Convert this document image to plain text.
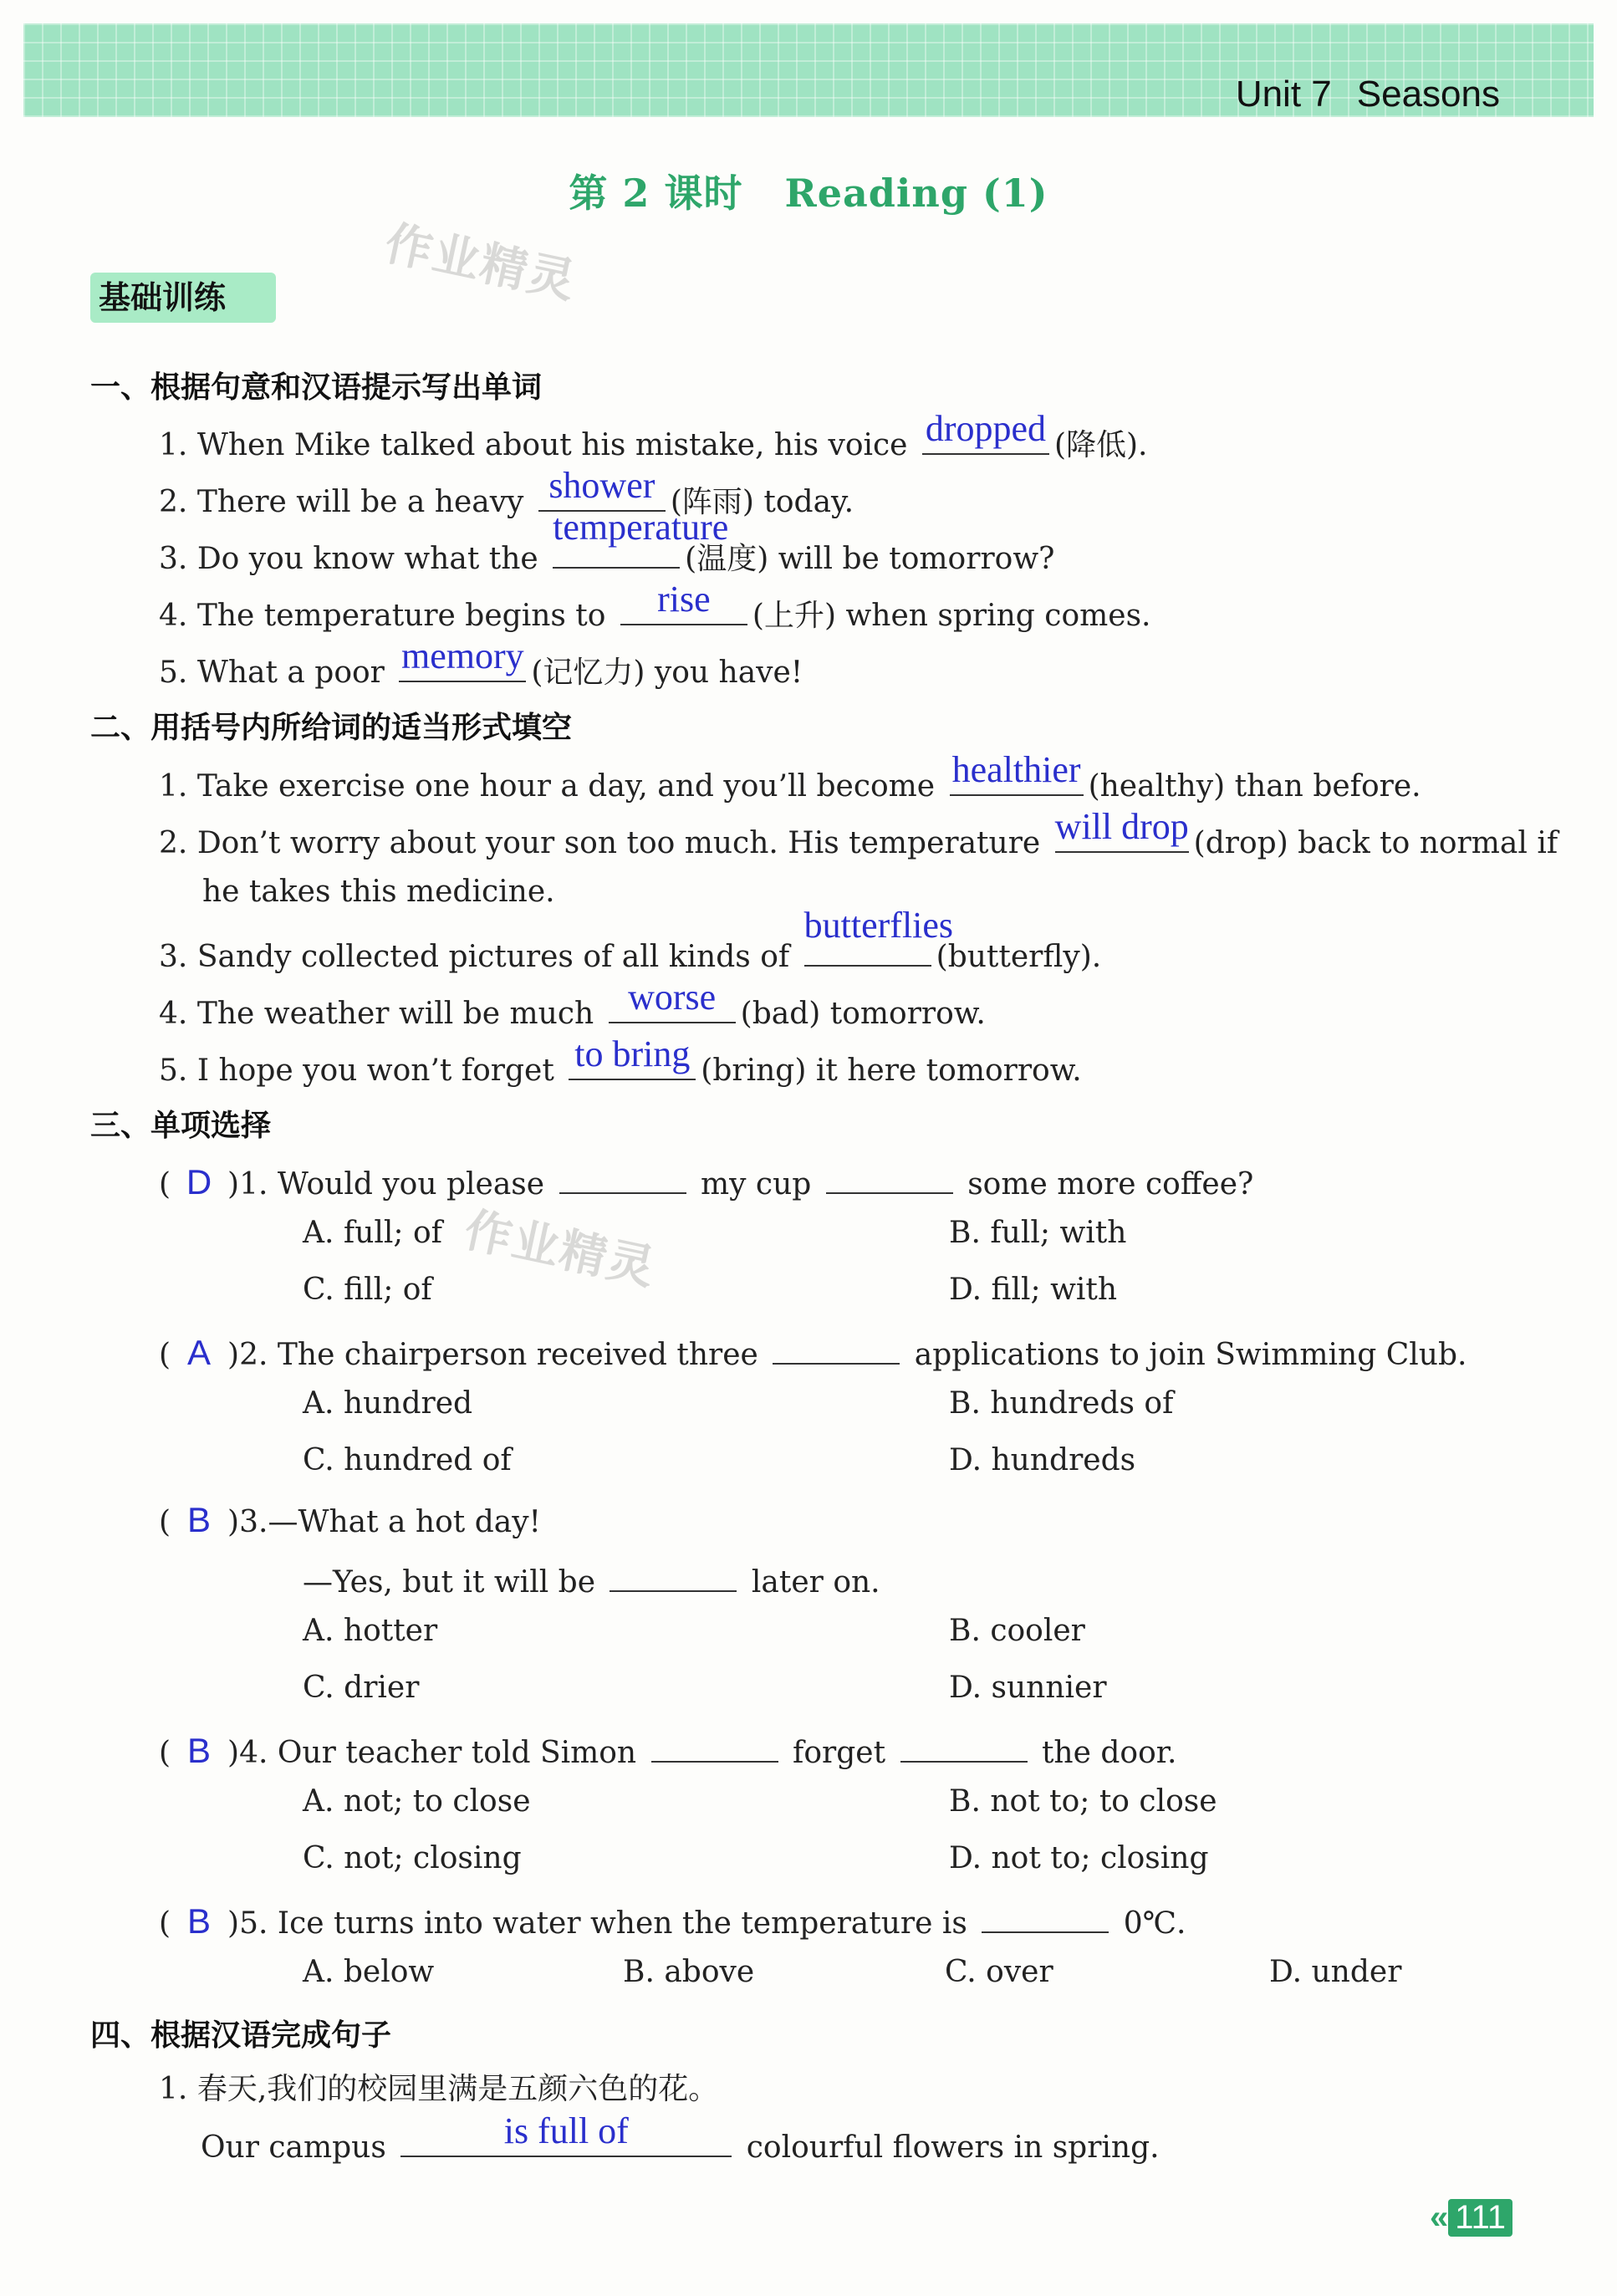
Unit 7 Seasons
第 2 课时 Reading (1)
作业精灵
作业精灵
基础训练
一、根据句意和汉语提示写出单词
1. When Mike talked about his mistake, his voice dropped (降低).
2. There will be a heavy shower (阵雨) today.
3. Do you know what the
temperature
(温度) will be tomorrow?
4. The temperature begins to	rise	(上升) when spring comes.
5. What a poor memory (记忆力) you have!
二、用括号内所给词的适当形式填空
1. Take exercise one hour a day, and you’ll become healthier (healthy) than before.
2. Don’t worry about your son too much. His temperature will drop (drop) back to normal if
he takes this medicine.
3. Sandy collected pictures of all kinds of
butterflies
(butterfly).
4. The weather will be much worse (bad) tomorrow.
5. I hope you won’t forget to bring (bring) it here tomorrow.
三、单项选择
( D )1. Would you please	my cup	some more coffee?
A. full; of	B. full; with
C. fill; of	D. fill; with
( A )2. The chairperson received three	applications to join Swimming Club.
A. hundred	B. hundreds of
C. hundred of	D. hundreds
( B )3.—What a hot day!
—Yes, but it will be	later on.
A. hotter	B. cooler
C. drier	D. sunnier
( B )4. Our teacher told Simon	forget	the door.
A. not; to close	B. not to; to close
C. not; closing	D. not to; closing
( B )5. Ice turns into water when the temperature is	0℃.
A. below	B. above	C. over	D. under
四、根据汉语完成句子
1. 春天,我们的校园里满是五颜六色的花。
Our campus	is full of	colourful flowers in spring.
« 111
